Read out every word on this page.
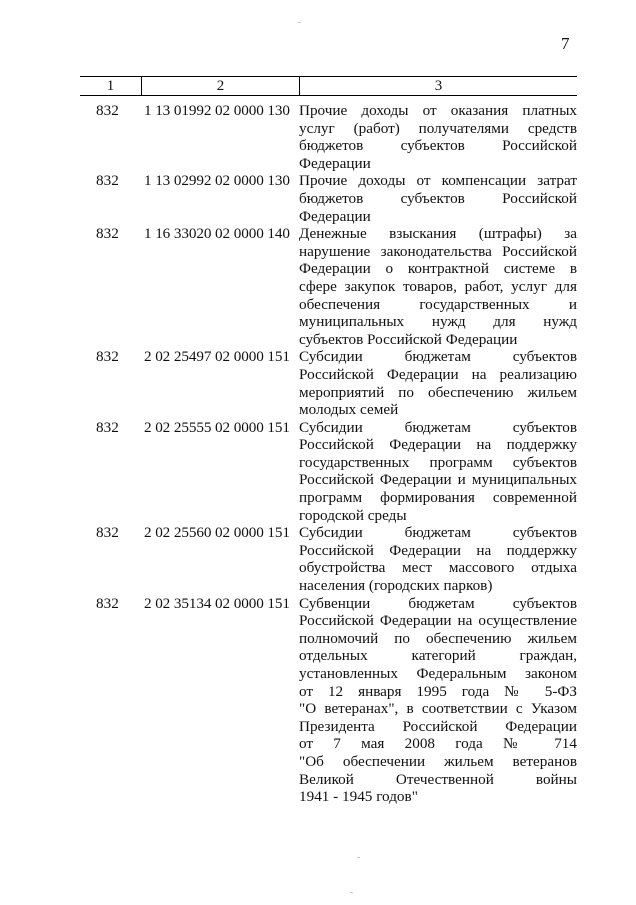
7
1	2	3
832	1 13 01992 02 0000 130 Прочие доходы от оказания платных
услуг (работ) получателями средств
бюджетов субъектов Российской
Федерации
832	1 13 02992 02 0000 130 Прочие доходы от компенсации затрат
бюджетов субъектов Российской
Федерации
832	1 16 33020 02 0000 140 Денежные взыскания (штрафы) за
нарушение законодательства Российской
Федерации о контрактной системе в
сфере закупок товаров, работ, услуг для
обеспечения государственных и
муниципальных нужд для нужд
субъектов Российской Федерации
832	2 02 25497 02 0000 151 Субсидии бюджетам субъектов
Российской Федерации на реализацию
мероприятий по обеспечению жильем
молодых семей
832	2 02 25555 02 0000 151 Субсидии бюджетам субъектов
Российской Федерации на поддержку
государственных программ субъектов
Российской Федерации и муниципальных
программ формирования современной
городской среды
832	2 02 25560 02 0000 151 Субсидии бюджетам субъектов
Российской Федерации на поддержку
обустройства мест массового отдыха
населения (городских парков)
832	2 02 35134 02 0000 151 Субвенции бюджетам субъектов
Российской Федерации на осуществление
полномочий по обеспечению жильем
отдельных категорий граждан,
установленных Федеральным законом
от 12 января 1995 года № 5-ФЗ
"О ветеранах", в соответствии с Указом
Президента Российской Федерации
от 7 мая 2008 года № 714
"Об обеспечении жильем ветеранов
Великой Отечественной войны
1941 - 1945 годов"
